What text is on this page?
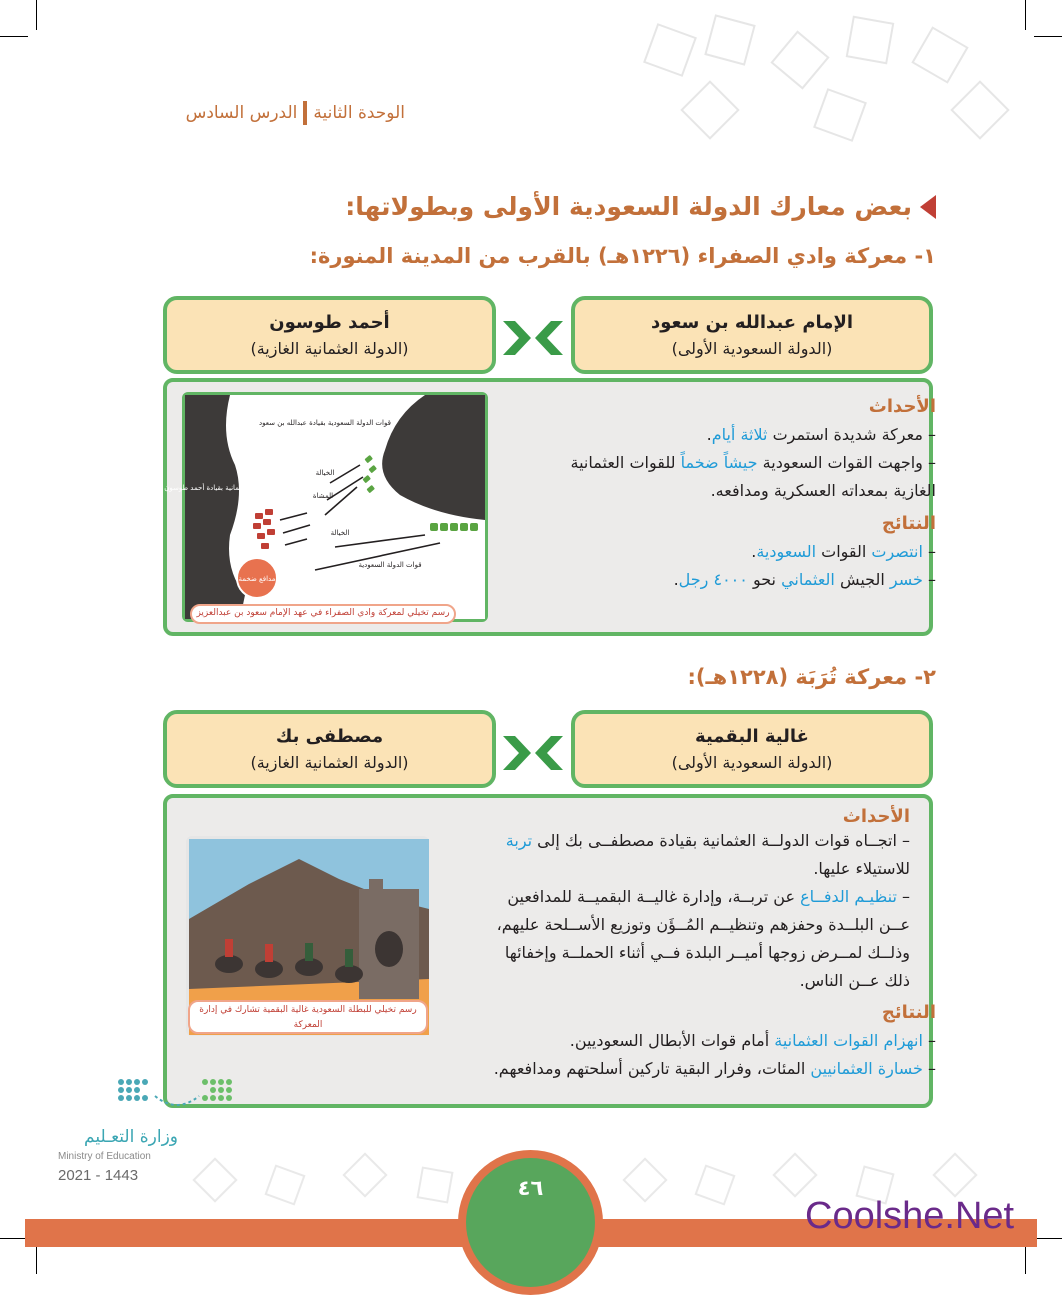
الوحدة الثانية
الدرس السادس
بعض معارك الدولة السعودية الأولى وبطولاتها:
١- معركة وادي الصفراء (١٢٢٦هـ) بالقرب من المدينة المنورة:
الإمام عبدالله بن سعود
(الدولة السعودية الأولى)
أحمد طوسون
(الدولة العثمانية الغازية)
الأحداث
– معركة شديدة استمرت ثلاثة أيام.
– واجهت القوات السعودية جيشاً ضخماً للقوات العثمانية
الغازية بمعداته العسكرية ومدافعه.
النتائج
– انتصرت القوات السعودية.
– خسر الجيش العثماني نحو ٤٠٠٠ رجل.
قوات الدولة السعودية بقيادة عبدالله بن سعود
الخيالة
المشاة
قوات الدولة العثمانية بقيادة أحمد طوسون
الخيالة
قوات الدولة السعودية
مدافع ضخمة
رسم تخيلي لمعركة وادي الصفراء في عهد الإمام سعود بن عبدالعزيز
٢- معركة تُرَبَة (١٢٢٨هـ):
غالية البقمية
(الدولة السعودية الأولى)
مصطفى بك
(الدولة العثمانية الغازية)
الأحداث
– اتجــاه قوات الدولــة العثمانية بقيادة مصطفــى بك إلى تربة
للاستيلاء عليها.
– تنظيـم الدفــاع عن تربــة، وإدارة غاليــة البقميــة للمدافعين
عــن البلــدة وحفزهم وتنظيــم المُــؤَن وتوزيع الأســلحة عليهم،
وذلــك لمــرض زوجها أميــر البلدة فــي أثناء الحملــة وإخفائها
ذلك عــن الناس.
النتائج
– انهزام القوات العثمانية أمام قوات الأبطال السعوديين.
– خسارة العثمانيين المئات، وفرار البقية تاركين أسلحتهم ومدافعهم.
رسم تخيلي للبطلة السعودية غالية البقمية تشارك في إدارة المعركة
وزارة التعـليم
Ministry of Education
2021 - 1443
٤٦
Coolshe.Net
